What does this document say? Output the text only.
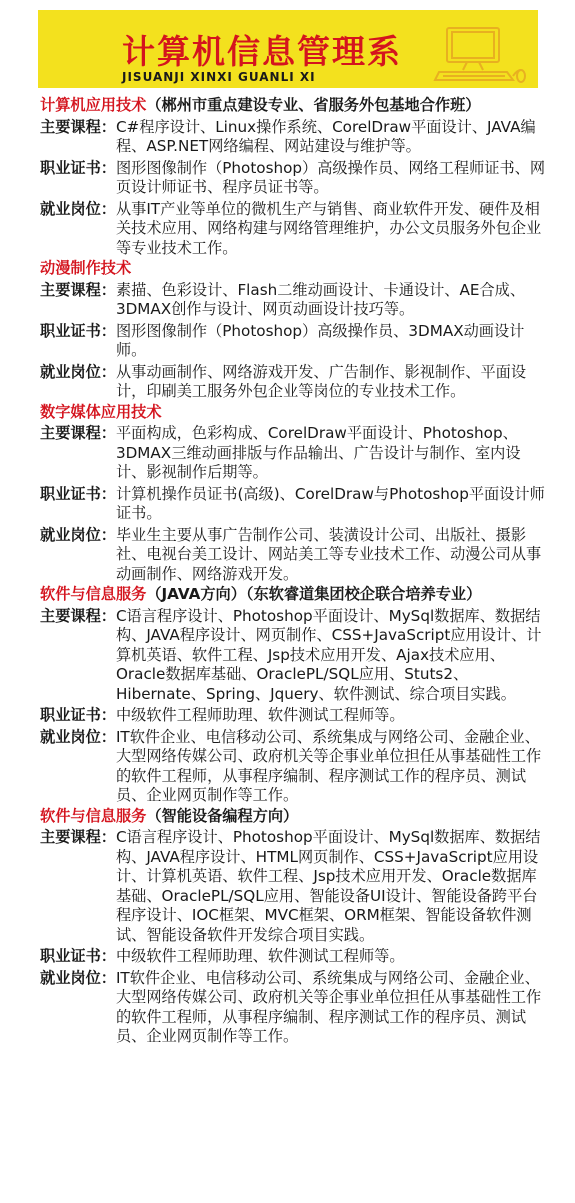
计算机信息管理系
JISUANJI XINXI GUANLI XI
计算机应用技术（郴州市重点建设专业、省服务外包基地合作班）
主要课程： C#程序设计、Linux操作系统、CorelDraw平面设计、JAVA编程、ASP.NET网络编程、网站建设与维护等。
职业证书： 图形图像制作（Photoshop）高级操作员、网络工程师证书、网页设计师证书、程序员证书等。
就业岗位： 从事IT产业等单位的微机生产与销售、商业软件开发、硬件及相关技术应用、网络构建与网络管理维护，办公文员服务外包企业等专业技术工作。
动漫制作技术
主要课程： 素描、色彩设计、Flash二维动画设计、卡通设计、AE合成、3DMAX创作与设计、网页动画设计技巧等。
职业证书： 图形图像制作（Photoshop）高级操作员、3DMAX动画设计师。
就业岗位： 从事动画制作、网络游戏开发、广告制作、影视制作、平面设计，印刷美工服务外包企业等岗位的专业技术工作。
数字媒体应用技术
主要课程： 平面构成，色彩构成、CorelDraw平面设计、Photoshop、3DMAX三维动画排版与作品输出、广告设计与制作、室内设计、影视制作后期等。
职业证书： 计算机操作员证书(高级)、CorelDraw与Photoshop平面设计师证书。
就业岗位： 毕业生主要从事广告制作公司、装潢设计公司、出版社、摄影社、电视台美工设计、网站美工等专业技术工作、动漫公司从事动画制作、网络游戏开发。
软件与信息服务（JAVA方向）（东软睿道集团校企联合培养专业）
主要课程： C语言程序设计、Photoshop平面设计、MySql数据库、数据结构、JAVA程序设计、网页制作、CSS+JavaScript应用设计、计算机英语、软件工程、Jsp技术应用开发、Ajax技术应用、Oracle数据库基础、OraclePL/SQL应用、Stuts2、Hibernate、Spring、Jquery、软件测试、综合项目实践。
职业证书： 中级软件工程师助理、软件测试工程师等。
就业岗位： IT软件企业、电信移动公司、系统集成与网络公司、金融企业、大型网络传媒公司、政府机关等企事业单位担任从事基础性工作的软件工程师，从事程序编制、程序测试工作的程序员、测试员、企业网页制作等工作。
软件与信息服务（智能设备编程方向）
主要课程： C语言程序设计、Photoshop平面设计、MySql数据库、数据结构、JAVA程序设计、HTML网页制作、CSS+JavaScript应用设计、计算机英语、软件工程、Jsp技术应用开发、Oracle数据库基础、OraclePL/SQL应用、智能设备UI设计、智能设备跨平台程序设计、IOC框架、MVC框架、ORM框架、智能设备软件测试、智能设备软件开发综合项目实践。
职业证书： 中级软件工程师助理、软件测试工程师等。
就业岗位： IT软件企业、电信移动公司、系统集成与网络公司、金融企业、大型网络传媒公司、政府机关等企事业单位担任从事基础性工作的软件工程师，从事程序编制、程序测试工作的程序员、测试员、企业网页制作等工作。
